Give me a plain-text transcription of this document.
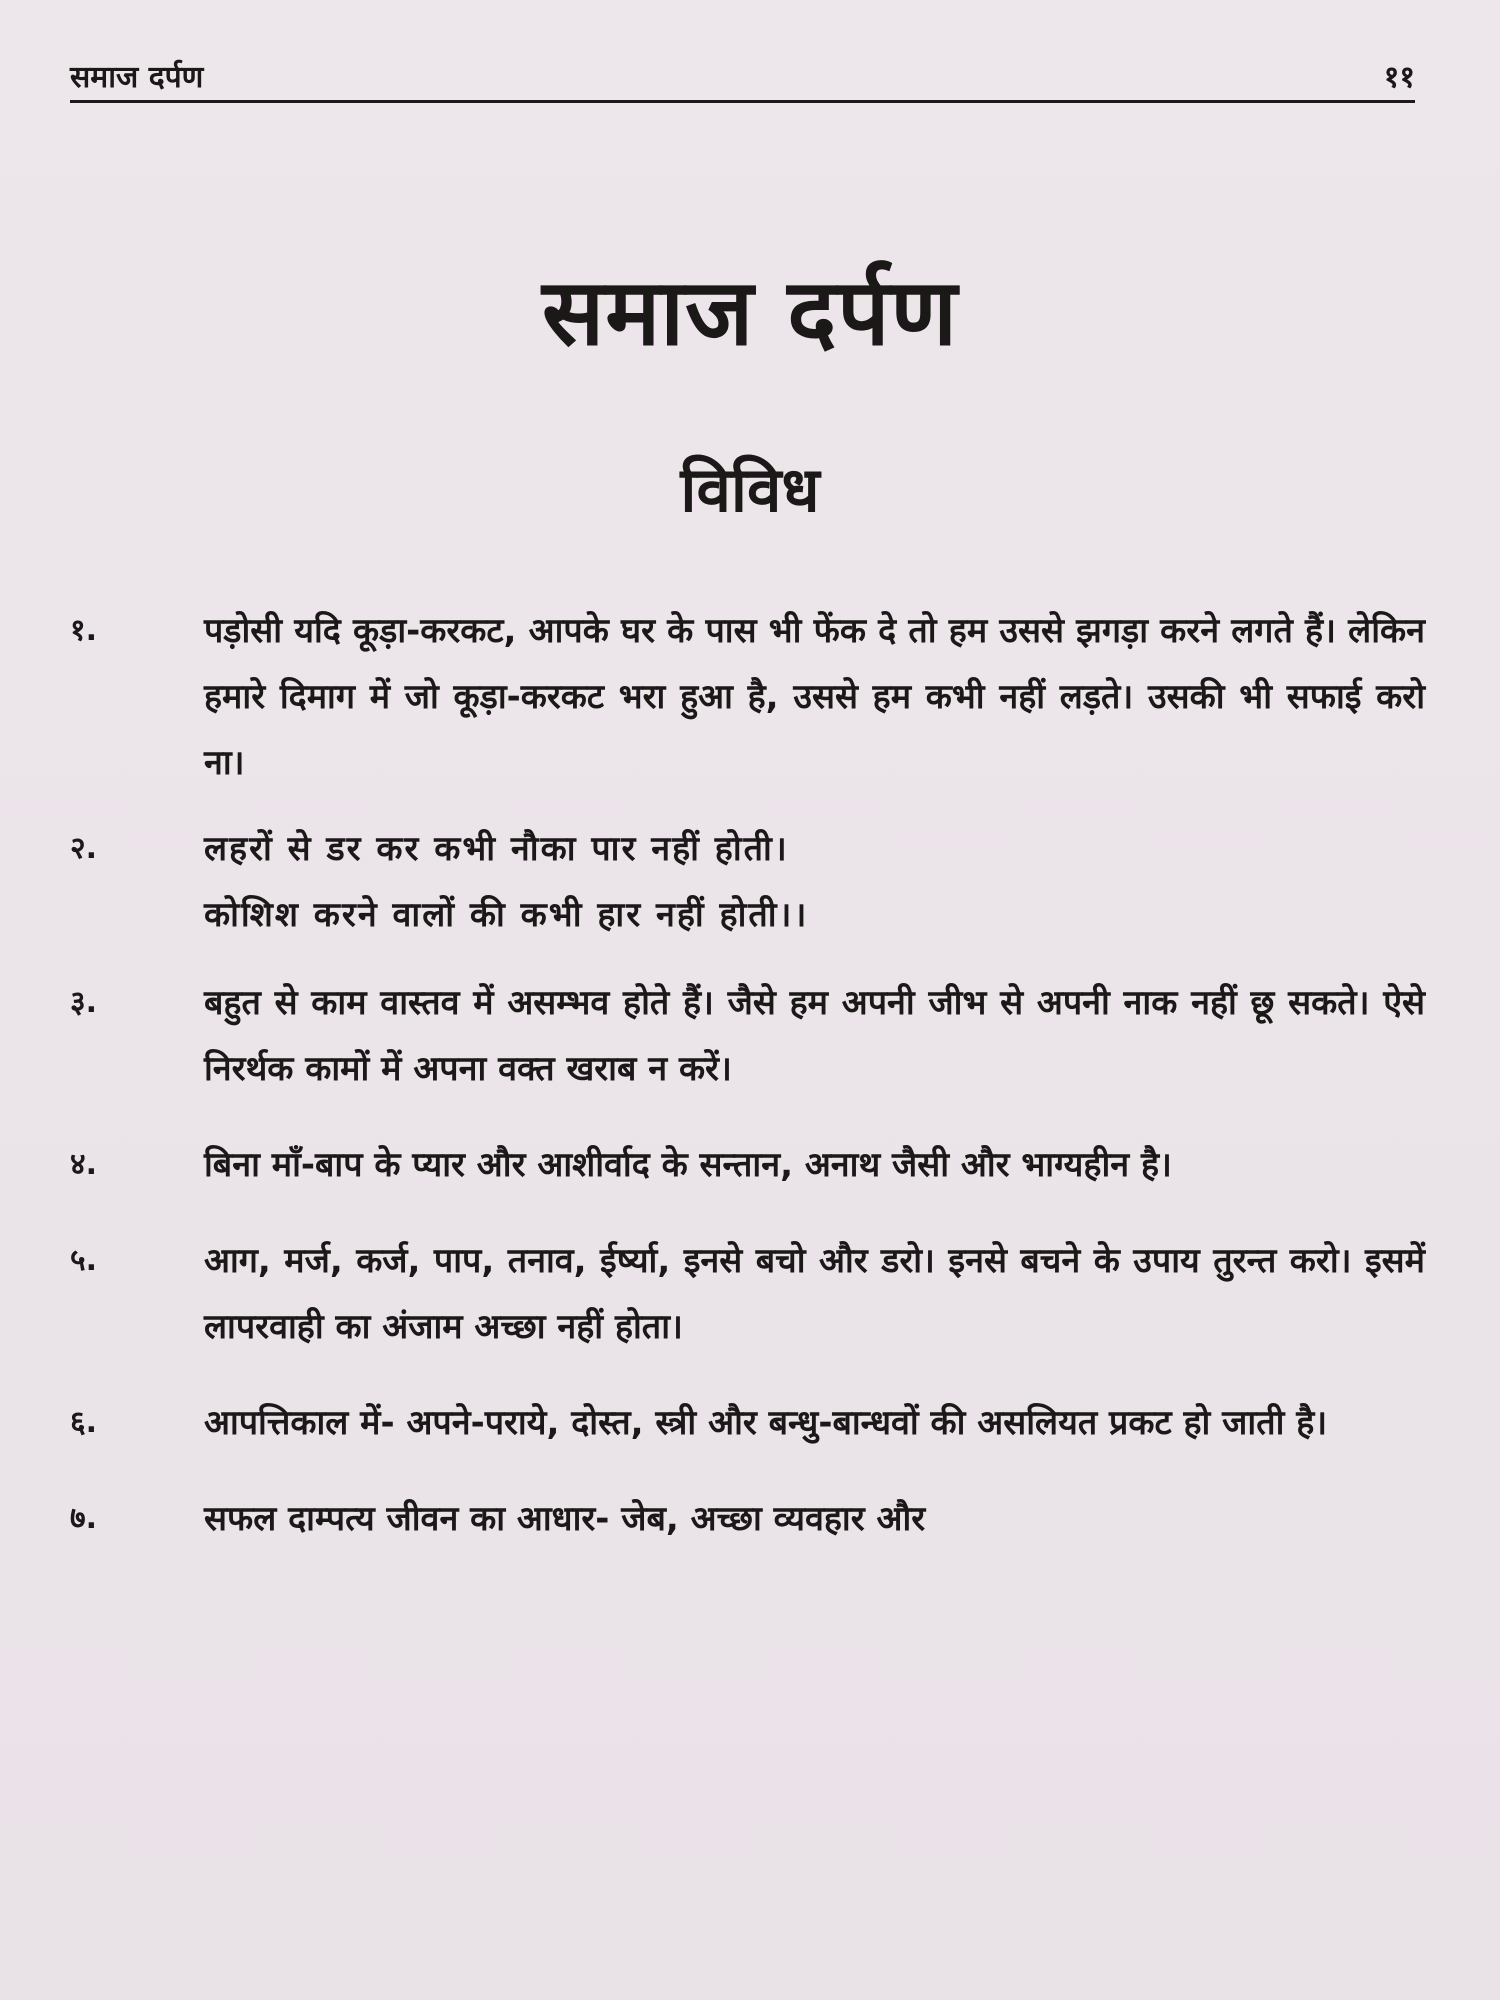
समाज दर्पण	११
समाज दर्पण
विविध
१.	पड़ोसी यदि कूड़ा-करकट, आपके घर के पास भी फेंक दे तो हम उससे झगड़ा करने लगते हैं। लेकिन हमारे दिमाग में जो कूड़ा-करकट भरा हुआ है, उससे हम कभी नहीं लड़ते। उसकी भी सफाई करो ना।
२.	लहरों से डर कर कभी नौका पार नहीं होती।
कोशिश करने वालों की कभी हार नहीं होती।।
३.	बहुत से काम वास्तव में असम्भव होते हैं। जैसे हम अपनी जीभ से अपनी नाक नहीं छू सकते। ऐसे निरर्थक कामों में अपना वक्त खराब न करें।
४.	बिना माँ-बाप के प्यार और आशीर्वाद के सन्तान, अनाथ जैसी और भाग्यहीन है।
५.	आग, मर्ज, कर्ज, पाप, तनाव, ईर्ष्या, इनसे बचो और डरो। इनसे बचने के उपाय तुरन्त करो। इसमें लापरवाही का अंजाम अच्छा नहीं होता।
६.	आपत्तिकाल में- अपने-पराये, दोस्त, स्त्री और बन्धु-बान्धवों की असलियत प्रकट हो जाती है।
७.	सफल दाम्पत्य जीवन का आधार- जेब, अच्छा व्यवहार और
